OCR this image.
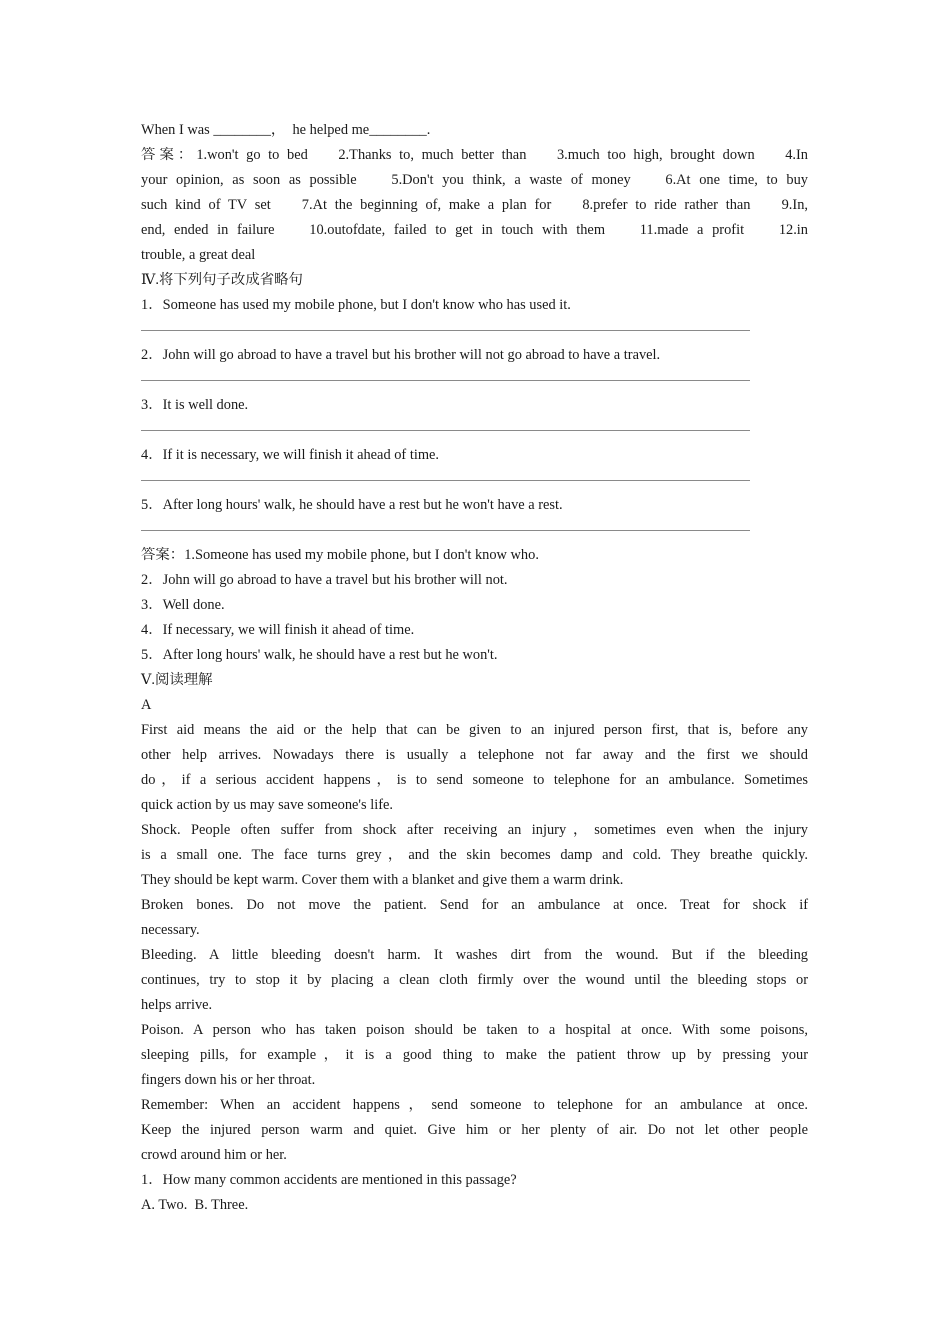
When I was ________，  he helped me________.
答案：1.won't go to bed    2.Thanks to, much better than    3.much too high, brought down    4.In
your opinion, as soon as possible    5.Don't you think, a waste of money    6.At one time, to buy
such kind of TV set    7.At the beginning of, make a plan for    8.prefer to ride rather than    9.In,
end, ended in failure    10.outofdate, failed to get in touch with them    11.made a profit    12.in
trouble, a great deal
Ⅳ.将下列句子改成省略句
1．Someone has used my mobile phone, but I don't know who has used it.
2．John will go abroad to have a travel but his brother will not go abroad to have a travel.
3．It is well done.
4．If it is necessary, we will finish it ahead of time.
5．After long hours' walk, he should have a rest but he won't have a rest.
答案：1.Someone has used my mobile phone, but I don't know who.
2．John will go abroad to have a travel but his brother will not.
3．Well done.
4．If necessary, we will finish it ahead of time.
5．After long hours' walk, he should have a rest but he won't.
Ⅴ.阅读理解
A
First aid means the aid or the help that can be given to an injured person first, that is, before any
other help arrives. Nowadays there is usually a telephone not far away and the first we should
do，if a serious accident happens，is to send someone to telephone for an ambulance. Sometimes
quick action by us may save someone's life.
Shock. People often suffer from shock after receiving an injury，sometimes even when the injury
is a small one. The face turns grey，and the skin becomes damp and cold. They breathe quickly.
They should be kept warm. Cover them with a blanket and give them a warm drink.
Broken bones. Do not move the patient. Send for an ambulance at once. Treat for shock if
necessary.
Bleeding. A little bleeding doesn't harm. It washes dirt from the wound. But if the bleeding
continues, try to stop it by placing a clean cloth firmly over the wound until the bleeding stops or
helps arrive.
Poison. A person who has taken poison should be taken to a hospital at once. With some poisons,
sleeping pills, for example，it is a good thing to make the patient throw up by pressing your
fingers down his or her throat.
Remember: When an accident happens，send someone to telephone for an ambulance at once.
Keep the injured person warm and quiet. Give him or her plenty of air. Do not let other people
crowd around him or her.
1．How many common accidents are mentioned in this passage?
A. Two.  B. Three.
